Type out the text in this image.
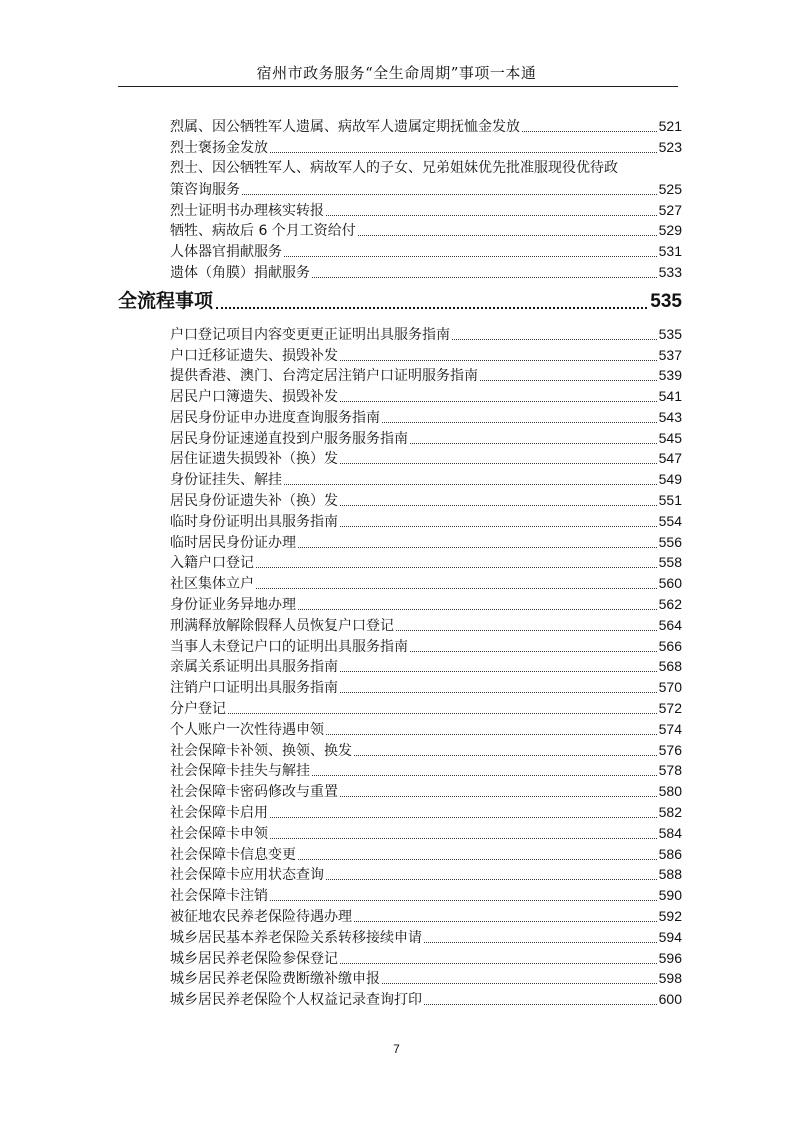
宿州市政务服务“全生命周期”事项一本通
烈属、因公牺牲军人遗属、病故军人遗属定期抚恤金发放	521
烈士褒扬金发放	523
烈士、因公牺牲军人、病故军人的子女、兄弟姐妹优先批准服现役优待政
策咨询服务	525
烈士证明书办理核实转报	527
牺牲、病故后 6 个月工资给付	529
人体器官捐献服务	531
遗体（角膜）捐献服务	533
全流程事项	535
户口登记项目内容变更更正证明出具服务指南	535
户口迁移证遗失、损毁补发	537
提供香港、澳门、台湾定居注销户口证明服务指南	539
居民户口簿遗失、损毁补发	541
居民身份证申办进度查询服务指南	543
居民身份证速递直投到户服务服务指南	545
居住证遗失损毁补（换）发	547
身份证挂失、解挂	549
居民身份证遗失补（换）发	551
临时身份证明出具服务指南	554
临时居民身份证办理	556
入籍户口登记	558
社区集体立户	560
身份证业务异地办理	562
刑满释放解除假释人员恢复户口登记	564
当事人未登记户口的证明出具服务指南	566
亲属关系证明出具服务指南	568
注销户口证明出具服务指南	570
分户登记	572
个人账户一次性待遇申领	574
社会保障卡补领、换领、换发	576
社会保障卡挂失与解挂	578
社会保障卡密码修改与重置	580
社会保障卡启用	582
社会保障卡申领	584
社会保障卡信息变更	586
社会保障卡应用状态查询	588
社会保障卡注销	590
被征地农民养老保险待遇办理	592
城乡居民基本养老保险关系转移接续申请	594
城乡居民养老保险参保登记	596
城乡居民养老保险费断缴补缴申报	598
城乡居民养老保险个人权益记录查询打印	600
7
